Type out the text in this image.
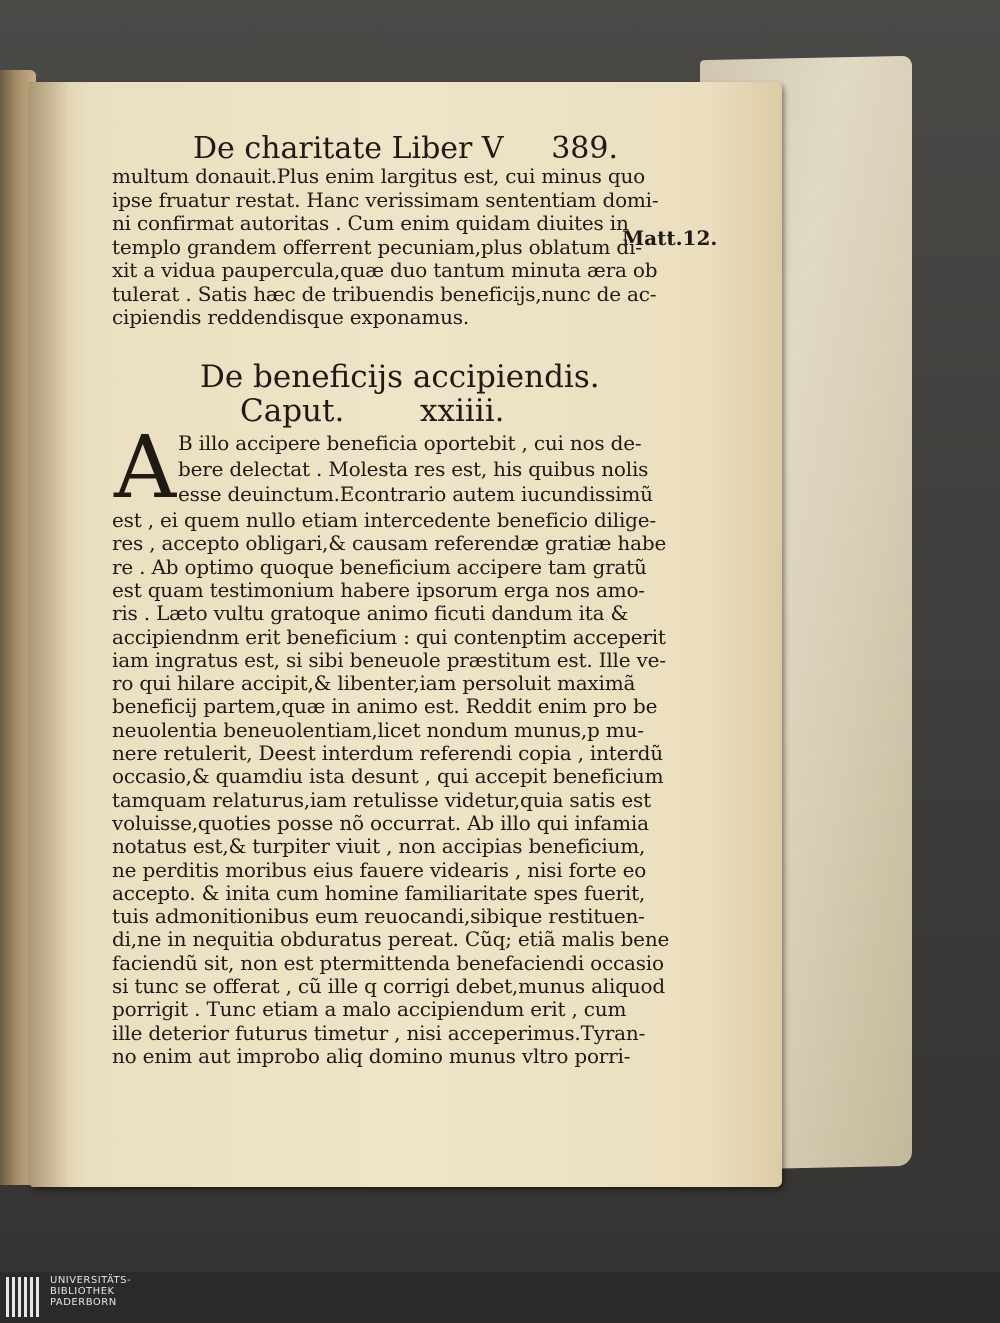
De charitate Liber V 389.
Matt.12.
multum donauit.Plus enim largitus est, cui minus quo
ipse fruatur restat. Hanc verissimam sententiam domi-
ni confirmat autoritas . Cum enim quidam diuites in
templo grandem offerrent pecuniam,plus oblatum di-
xit a vidua paupercula,quæ duo tantum minuta æra ob
tulerat . Satis hæc de tribuendis beneficijs,nunc de ac-
cipiendis reddendisque exponamus.
De beneficijs accipiendis.
Caput. xxiiii.
A B illo accipere beneficia oportebit , cui nos de-
bere delectat . Molesta res est, his quibus nolis
esse deuinctum.Econtrario autem iucundissimũ
est , ei quem nullo etiam intercedente beneficio dilige-
res , accepto obligari,& causam referendæ gratiæ habe
re . Ab optimo quoque beneficium accipere tam gratũ
est quam testimonium habere ipsorum erga nos amo-
ris . Læto vultu gratoque animo ficuti dandum ita &
accipiendnm erit beneficium : qui contenptim acceperit
iam ingratus est, si sibi beneuole præstitum est. Ille ve-
ro qui hilare accipit,& libenter,iam persoluit maximã
beneficij partem,quæ in animo est. Reddit enim pro be
neuolentia beneuolentiam,licet nondum munus,p mu-
nere retulerit, Deest interdum referendi copia , interdũ
occasio,& quamdiu ista desunt , qui accepit beneficium
tamquam relaturus,iam retulisse videtur,quia satis est
voluisse,quoties posse nõ occurrat. Ab illo qui infamia
notatus est,& turpiter viuit , non accipias beneficium,
ne perditis moribus eius fauere videaris , nisi forte eo
accepto. & inita cum homine familiaritate spes fuerit,
tuis admonitionibus eum reuocandi,sibique restituen-
di,ne in nequitia obduratus pereat. Cũq; etiã malis bene
faciendũ sit, non est ptermittenda benefaciendi occasio
si tunc se offerat , cũ ille q corrigi debet,munus aliquod
porrigit . Tunc etiam a malo accipiendum erit , cum
ille deterior futurus timetur , nisi acceperimus.Tyran-
no enim aut improbo aliq domino munus vltro porri-
UNIVERSITÄTS-
BIBLIOTHEK
PADERBORN
